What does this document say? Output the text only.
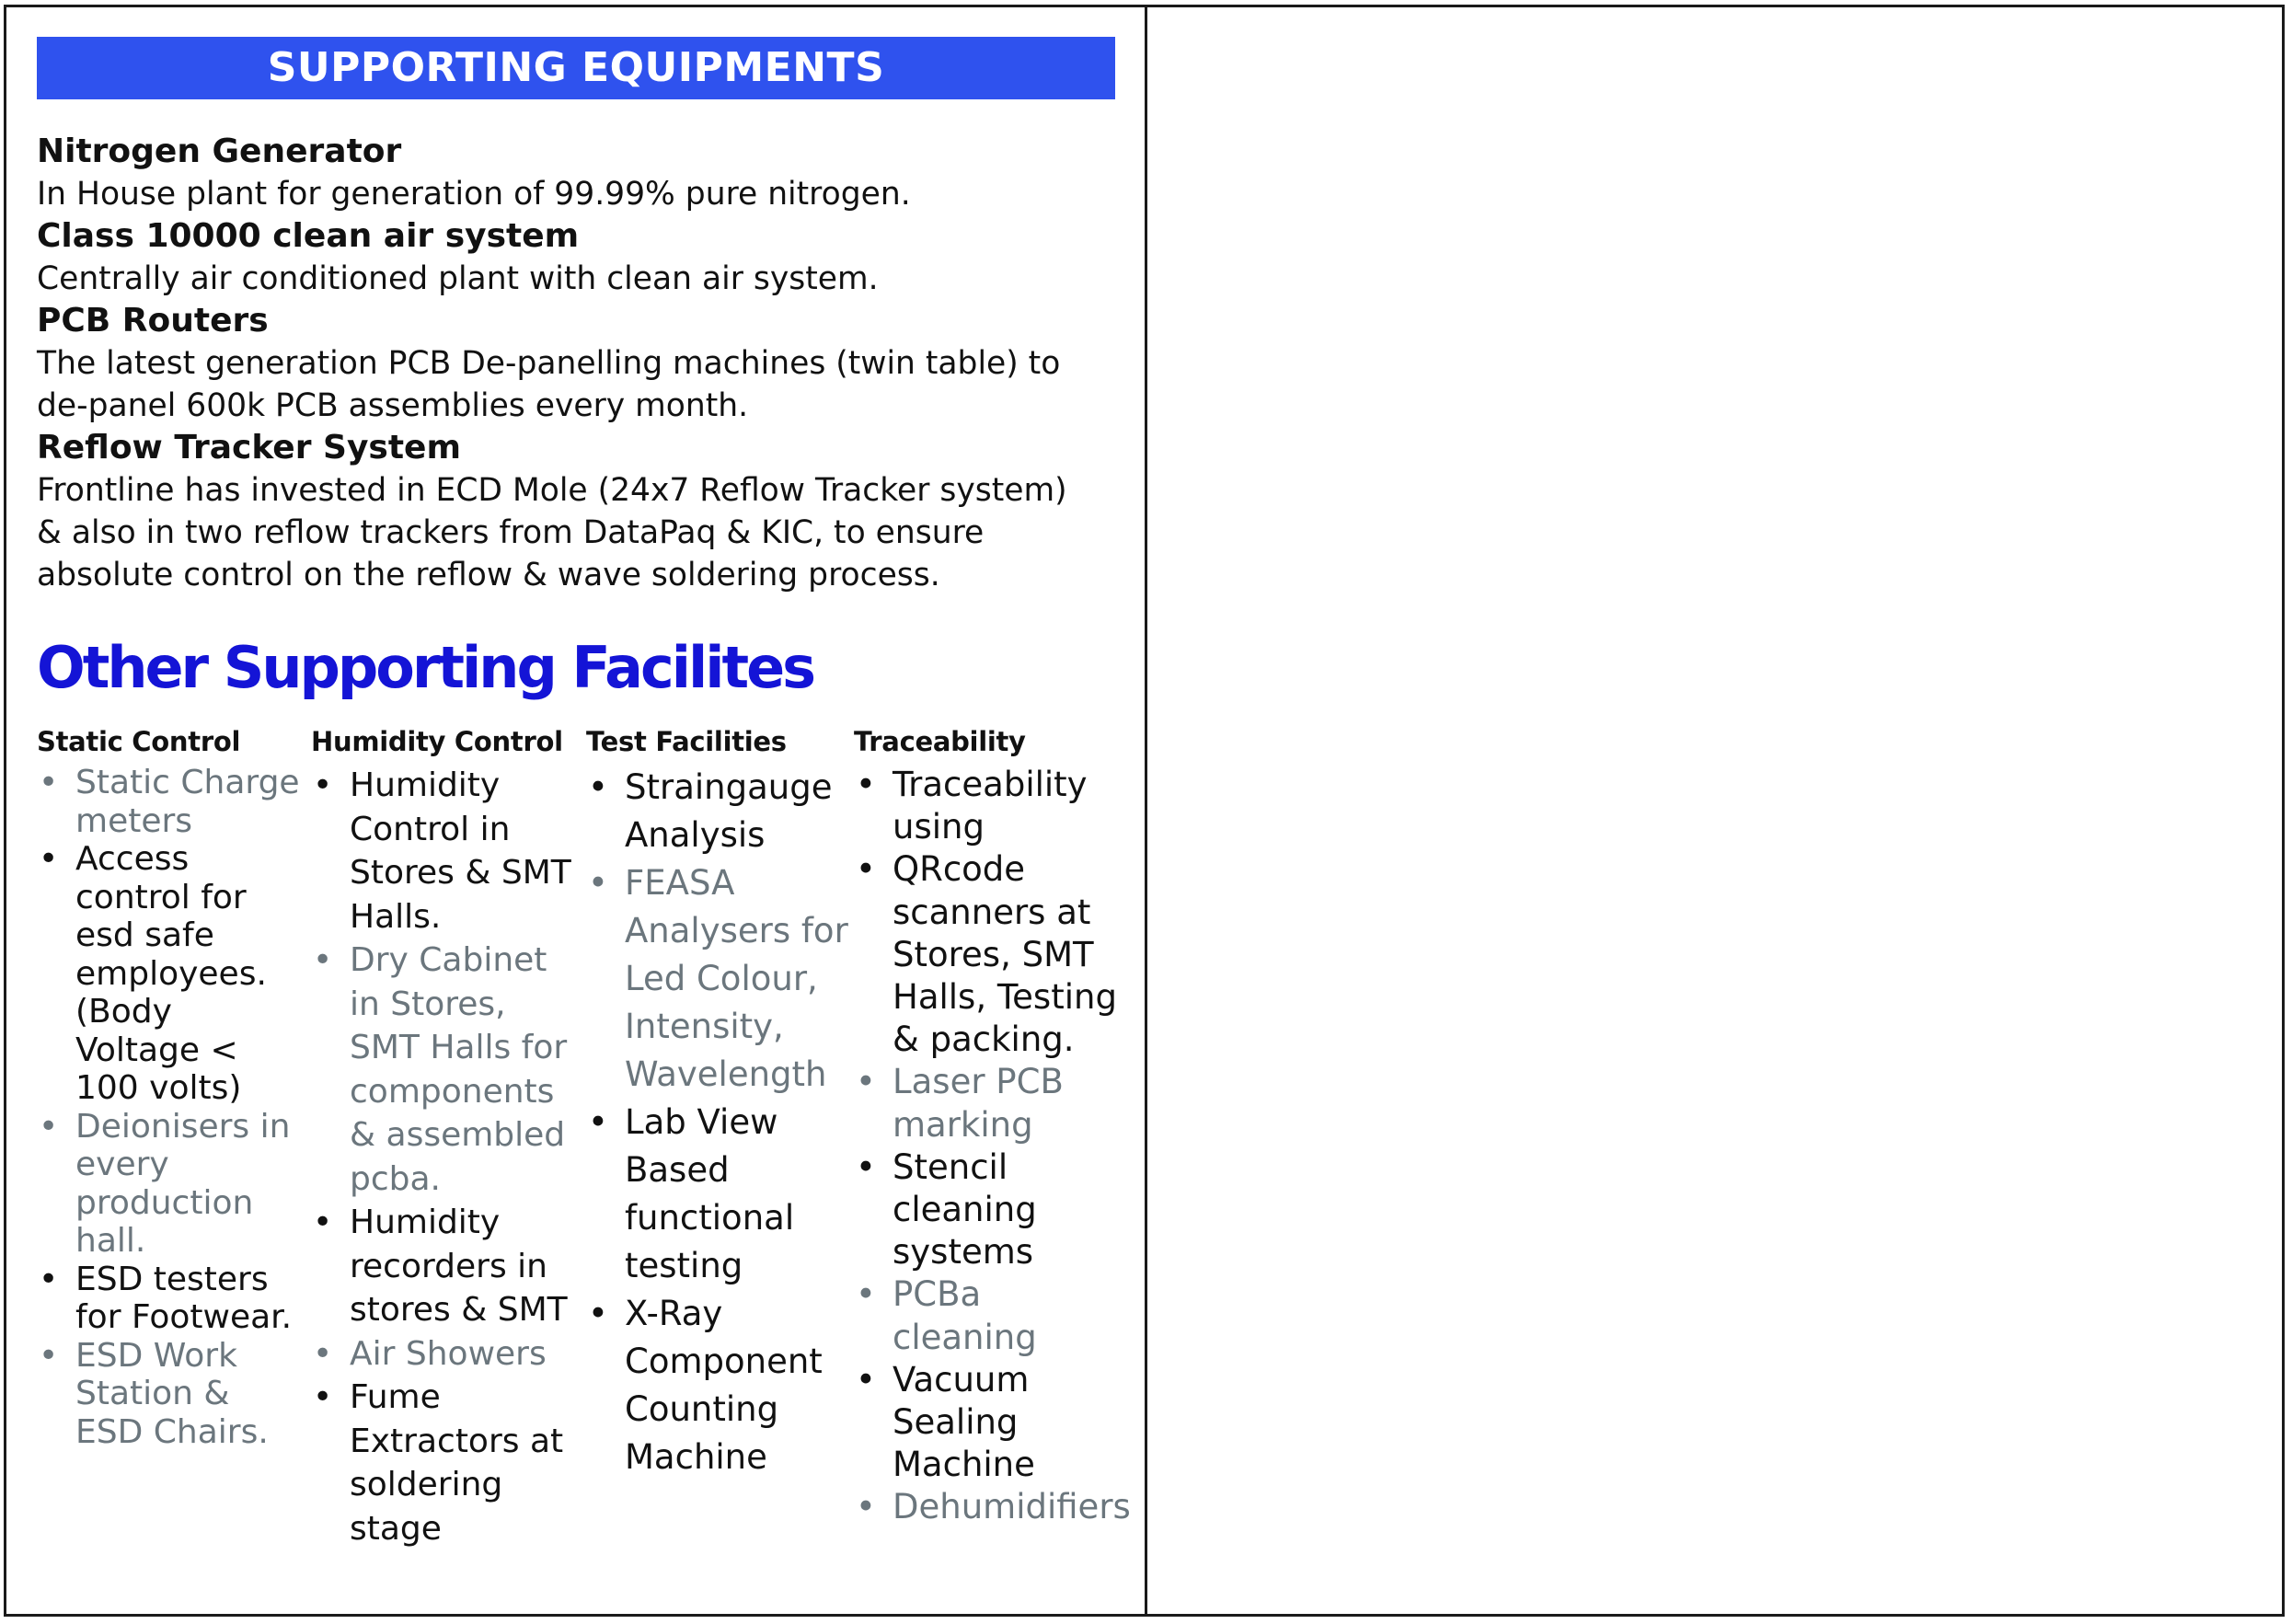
SUPPORTING EQUIPMENTS
Nitrogen Generator
In House plant for generation of 99.99% pure nitrogen.
Class 10000 clean air system
Centrally air conditioned plant with clean air system.
PCB Routers
The latest generation PCB De-panelling machines (twin table) to
de-panel 600k PCB assemblies every month.
Reflow Tracker System
Frontline has invested in ECD Mole (24x7 Reflow Tracker system)
& also in two reflow trackers from DataPaq & KIC, to ensure
absolute control on the reflow & wave soldering process.
Other Supporting Facilites
Static Control
• Static Charge
meters
• Access
control for
esd safe
employees.
(Body
Voltage <
100 volts)
• Deionisers in
every
production
hall.
• ESD testers
for Footwear.
• ESD Work
Station &
ESD Chairs.
Humidity Control
• Humidity
Control in
Stores & SMT
Halls.
• Dry Cabinet
in Stores,
SMT Halls for
components
& assembled
pcba.
• Humidity
recorders in
stores & SMT
• Air Showers
• Fume
Extractors at
soldering
stage
Test Facilities
• Straingauge
Analysis
• FEASA
Analysers for
Led Colour,
Intensity,
Wavelength
• Lab View
Based
functional
testing
• X-Ray
Component
Counting
Machine
Traceability
• Traceability
using
• QRcode
scanners at
Stores, SMT
Halls, Testing
& packing.
• Laser PCB
marking
• Stencil
cleaning
systems
• PCBa
cleaning
• Vacuum
Sealing
Machine
• Dehumidifiers
